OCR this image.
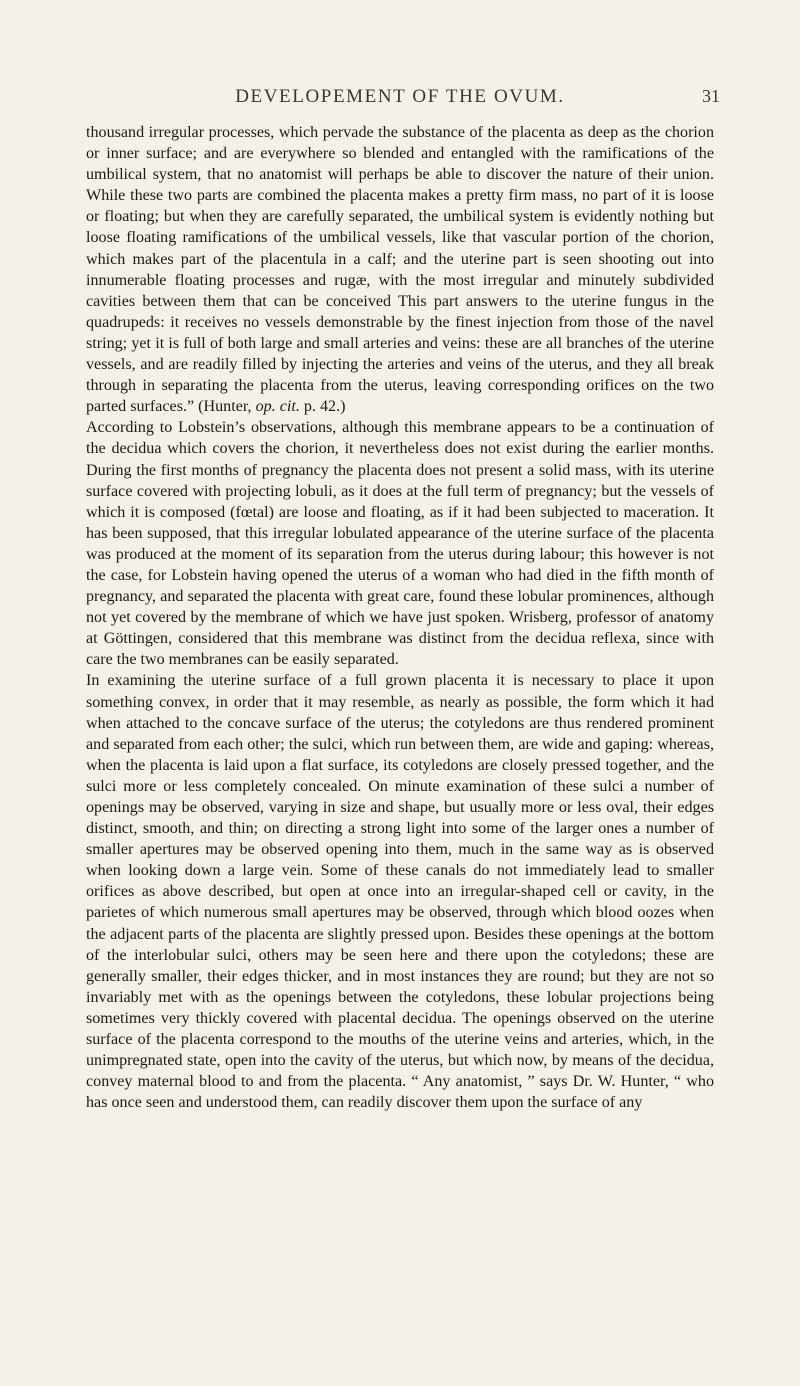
DEVELOPEMENT OF THE OVUM.	31

thousand irregular processes, which pervade the substance of the placenta as deep as the chorion or inner surface; and are everywhere so blended and entangled with the ramifications of the umbilical system, that no anatomist will perhaps be able to discover the nature of their union. While these two parts are combined the placenta makes a pretty firm mass, no part of it is loose or floating; but when they are carefully separated, the umbilical system is evidently nothing but loose floating ramifications of the umbilical vessels, like that vascular portion of the chorion, which makes part of the placentula in a calf; and the uterine part is seen shooting out into innumerable floating processes and rugæ, with the most irregular and minutely subdivided cavities between them that can be conceived This part answers to the uterine fungus in the quadrupeds: it receives no vessels demonstrable by the finest injection from those of the navel string; yet it is full of both large and small arteries and veins: these are all branches of the uterine vessels, and are readily filled by injecting the arteries and veins of the uterus, and they all break through in separating the placenta from the uterus, leaving corresponding orifices on the two parted surfaces.” (Hunter, op. cit. p. 42.)

According to Lobstein’s observations, although this membrane appears to be a continuation of the decidua which covers the chorion, it nevertheless does not exist during the earlier months. During the first months of pregnancy the placenta does not present a solid mass, with its uterine surface covered with projecting lobuli, as it does at the full term of pregnancy; but the vessels of which it is composed (fœtal) are loose and floating, as if it had been subjected to maceration. It has been supposed, that this irregular lobulated appearance of the uterine surface of the placenta was produced at the moment of its separation from the uterus during labour; this however is not the case, for Lobstein having opened the uterus of a woman who had died in the fifth month of pregnancy, and separated the placenta with great care, found these lobular prominences, although not yet covered by the membrane of which we have just spoken. Wrisberg, professor of anatomy at Göttingen, considered that this membrane was distinct from the decidua reflexa, since with care the two membranes can be easily separated.

In examining the uterine surface of a full grown placenta it is necessary to place it upon something convex, in order that it may resemble, as nearly as possible, the form which it had when attached to the concave surface of the uterus; the cotyledons are thus rendered prominent and separated from each other; the sulci, which run between them, are wide and gaping: whereas, when the placenta is laid upon a flat surface, its cotyledons are closely pressed together, and the sulci more or less completely concealed. On minute examination of these sulci a number of openings may be observed, varying in size and shape, but usually more or less oval, their edges distinct, smooth, and thin; on directing a strong light into some of the larger ones a number of smaller apertures may be observed opening into them, much in the same way as is observed when looking down a large vein. Some of these canals do not immediately lead to smaller orifices as above described, but open at once into an irregular-shaped cell or cavity, in the parietes of which numerous small apertures may be observed, through which blood oozes when the adjacent parts of the placenta are slightly pressed upon. Besides these openings at the bottom of the interlobular sulci, others may be seen here and there upon the cotyledons; these are generally smaller, their edges thicker, and in most instances they are round; but they are not so invariably met with as the openings between the cotyledons, these lobular projections being sometimes very thickly covered with placental decidua. The openings observed on the uterine surface of the placenta correspond to the mouths of the uterine veins and arteries, which, in the unimpregnated state, open into the cavity of the uterus, but which now, by means of the decidua, convey maternal blood to and from the placenta. “ Any anatomist, ” says Dr. W. Hunter, “ who has once seen and understood them, can readily discover them upon the surface of any
